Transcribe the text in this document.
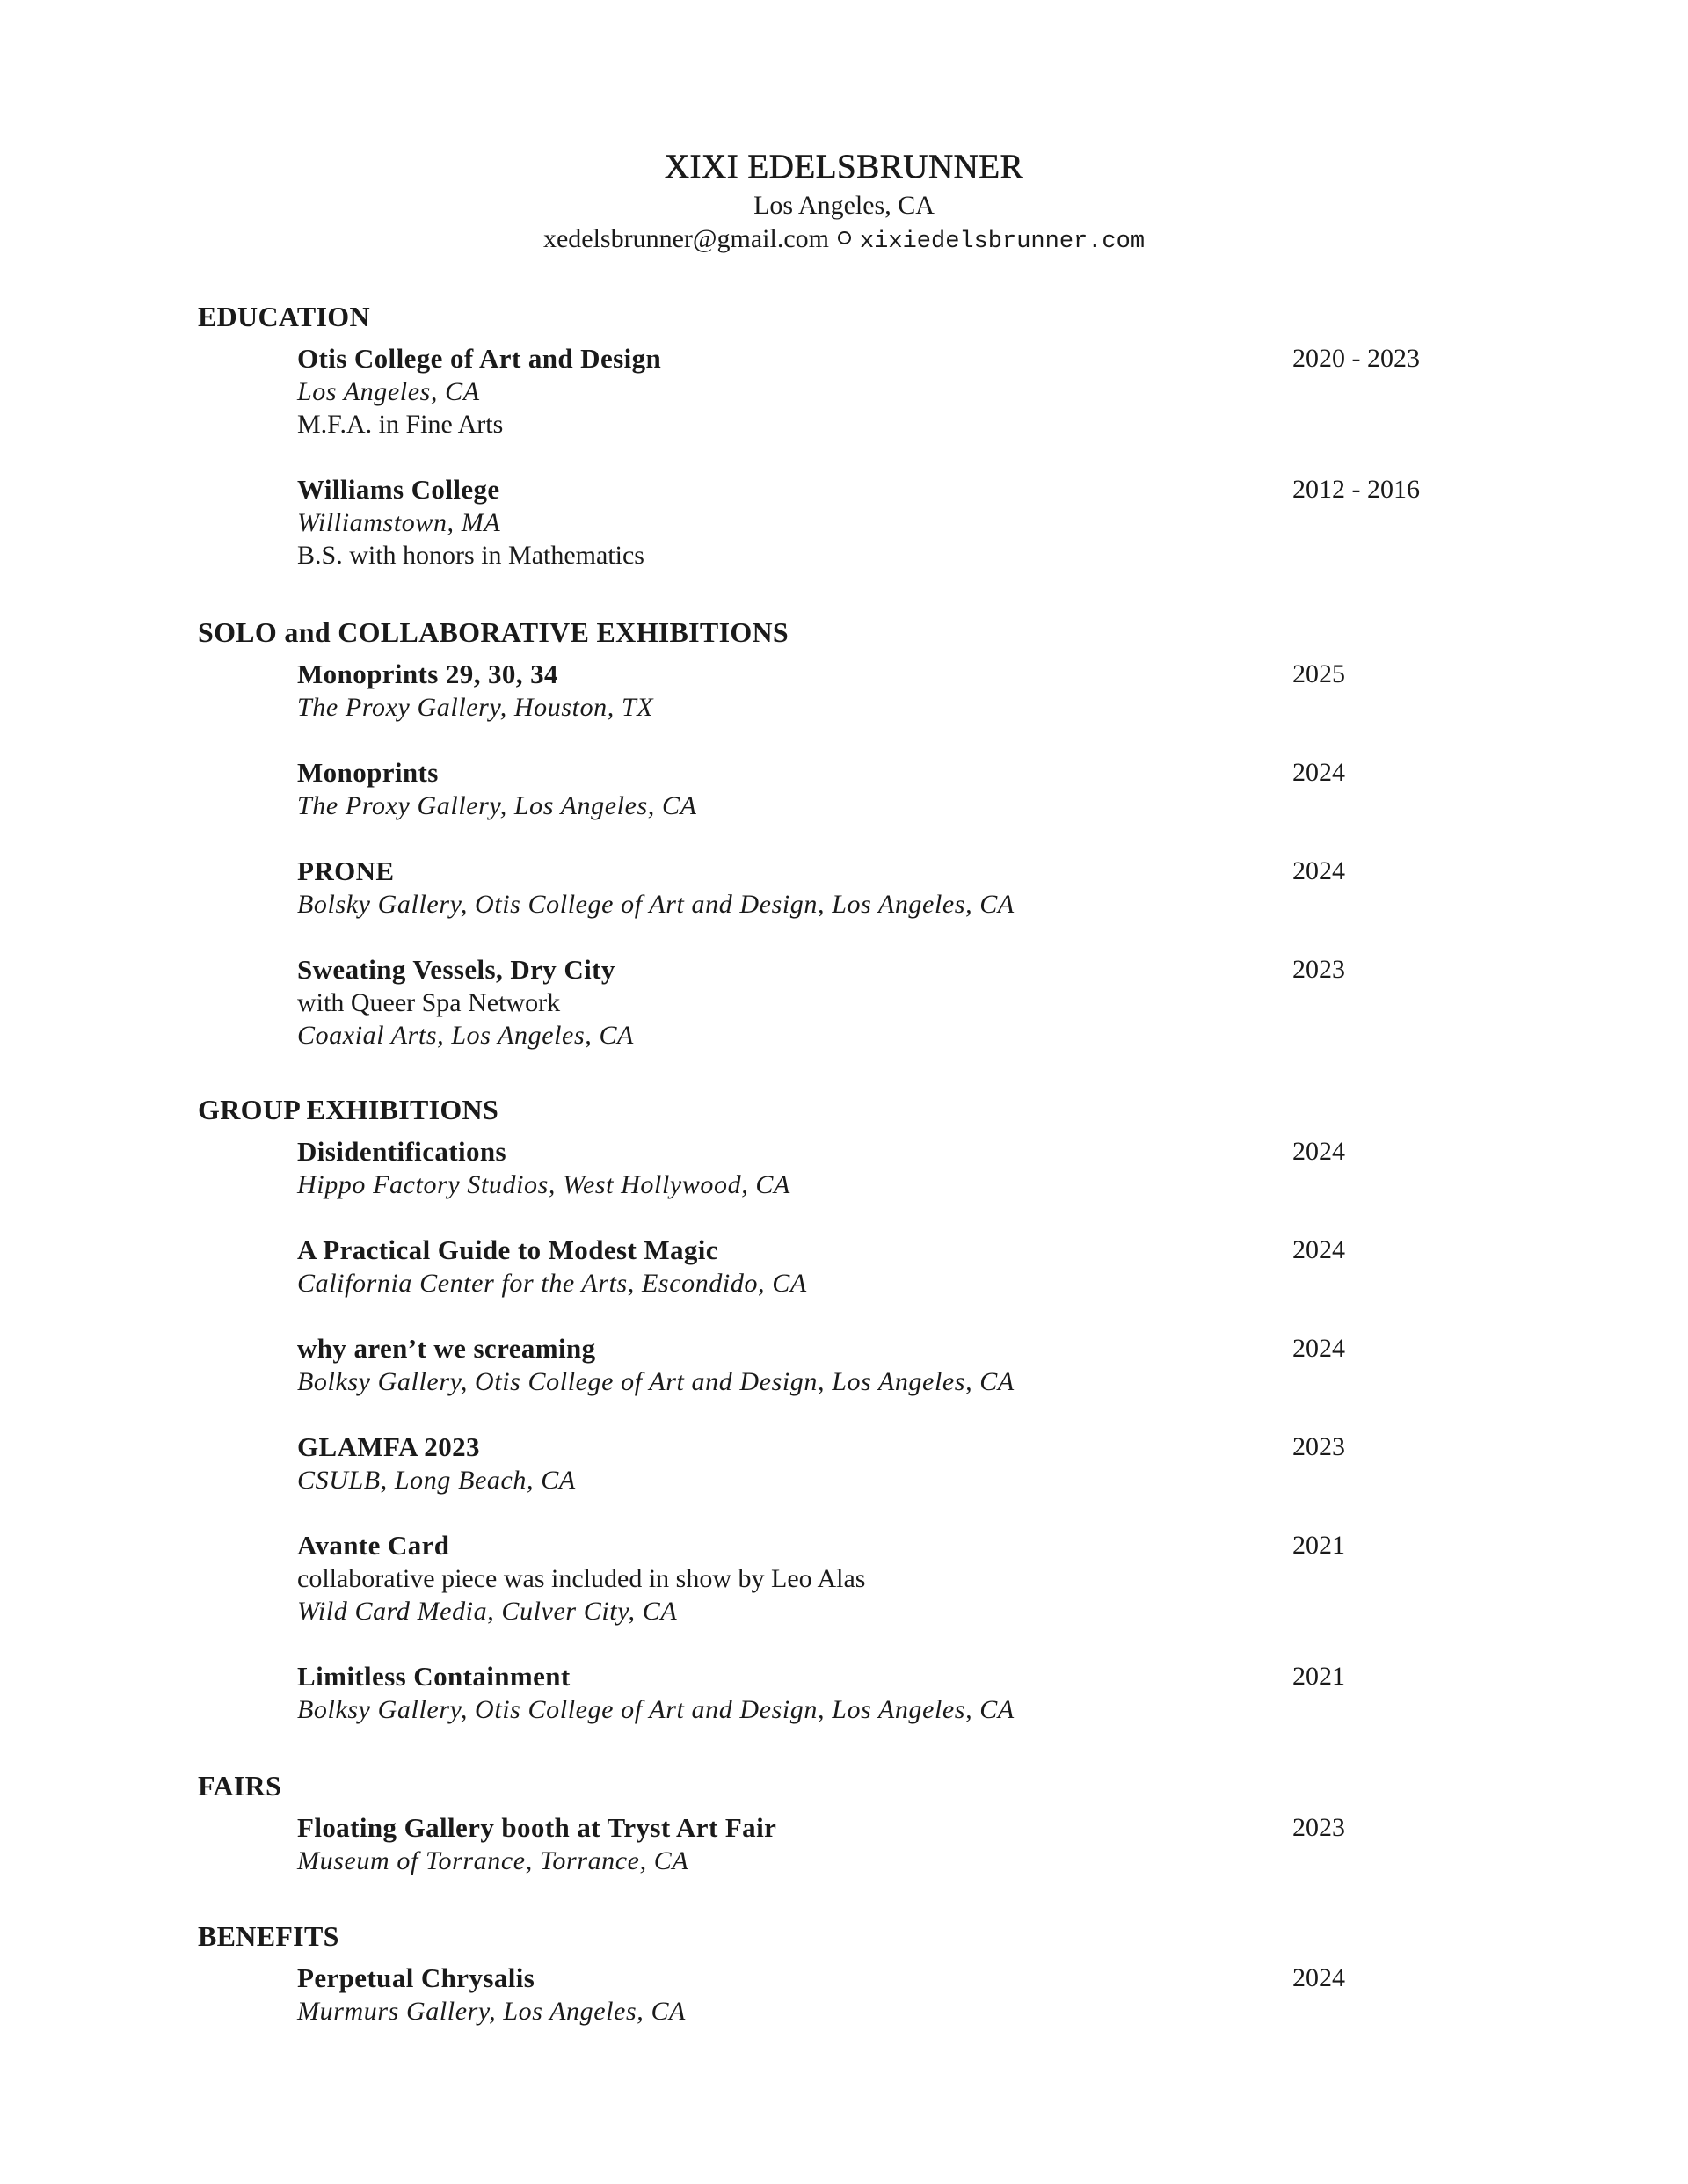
XIXI EDELSBRUNNER
Los Angeles, CA
xedelsbrunner@gmail.com xixiedelsbrunner.com
EDUCATION
Otis College of Art and Design	2020 - 2023
Los Angeles, CA
M.F.A. in Fine Arts
Williams College	2012 - 2016
Williamstown, MA
B.S. with honors in Mathematics
SOLO and COLLABORATIVE EXHIBITIONS
Monoprints 29, 30, 34	2025
The Proxy Gallery, Houston, TX
Monoprints	2024
The Proxy Gallery, Los Angeles, CA
PRONE	2024
Bolsky Gallery, Otis College of Art and Design, Los Angeles, CA
Sweating Vessels, Dry City	2023
with Queer Spa Network
Coaxial Arts, Los Angeles, CA
GROUP EXHIBITIONS
Disidentifications	2024
Hippo Factory Studios, West Hollywood, CA
A Practical Guide to Modest Magic	2024
California Center for the Arts, Escondido, CA
why aren’t we screaming	2024
Bolksy Gallery, Otis College of Art and Design, Los Angeles, CA
GLAMFA 2023	2023
CSULB, Long Beach, CA
Avante Card	2021
collaborative piece was included in show by Leo Alas
Wild Card Media, Culver City, CA
Limitless Containment	2021
Bolksy Gallery, Otis College of Art and Design, Los Angeles, CA
FAIRS
Floating Gallery booth at Tryst Art Fair	2023
Museum of Torrance, Torrance, CA
BENEFITS
Perpetual Chrysalis	2024
Murmurs Gallery, Los Angeles, CA
